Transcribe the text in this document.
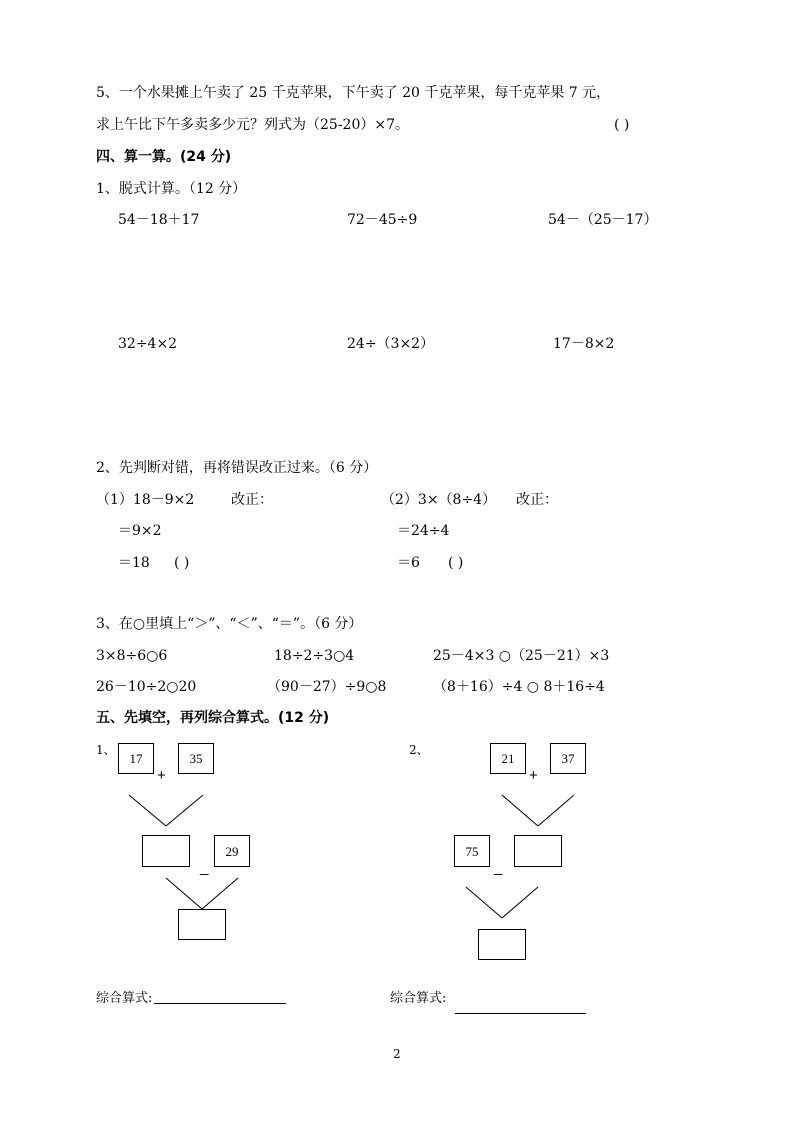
5、一个水果摊上午卖了 25 千克苹果，下午卖了 20 千克苹果，每千克苹果 7 元，
求上午比下午多卖多少元？列式为（25-20）×7。	( )
四、算一算。(24 分)
1、脱式计算。（12 分）
54－18＋17	72－45÷9	54－（25－17）
32÷4×2	24÷（3×2）	17－8×2
2、先判断对错，再将错误改正过来。（6 分）
（1）18－9×2	改正：	（2）3×（8÷4） 改正：
＝9×2	＝24÷4
＝18 ( )	＝6 ( )
3、在○里填上“＞”、“＜”、“＝”。（6 分）
3×8÷6○6	18÷2÷3○4	25－4×3 ○（25－21）×3
26－10÷2○20	（90－27）÷9○8	（8＋16）÷4 ○ 8＋16÷4
五、先填空，再列综合算式。(12 分)
1、
17	35
+
29
_
2、
21	37
+
75
_
综合算式:	综合算式:
2
